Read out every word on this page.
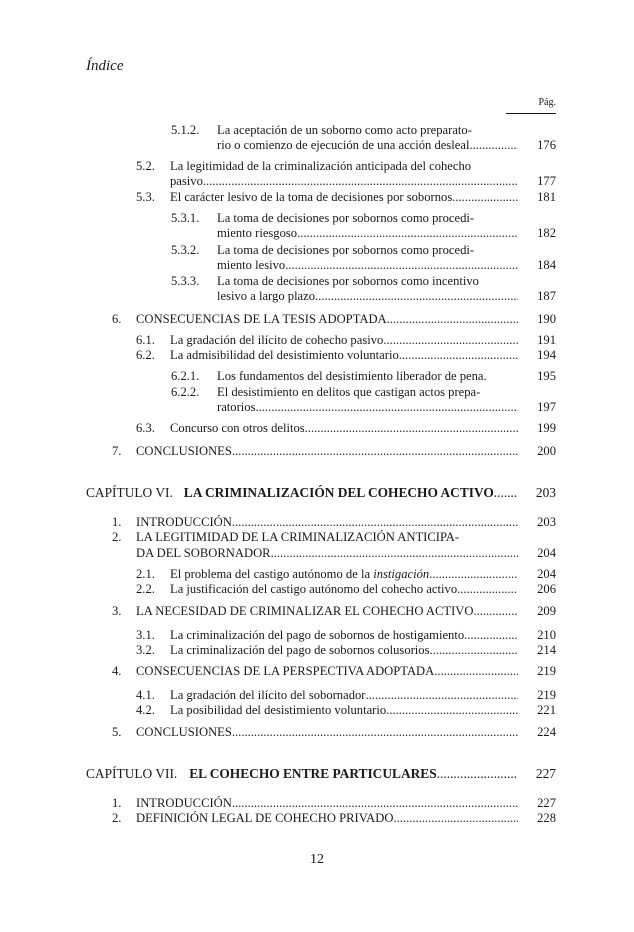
Índice
Pág.
5.1.2.	La aceptación de un soborno como acto preparato-
rio o comienzo de ejecución de una acción desleal .....	176
5.2.	La legitimidad de la criminalización anticipada del cohecho
pasivo .....	177
5.3.	El carácter lesivo de la toma de decisiones por sobornos .....	181
5.3.1.	La toma de decisiones por sobornos como procedi-
miento riesgoso .....	182
5.3.2.	La toma de decisiones por sobornos como procedi-
miento lesivo .....	184
5.3.3.	La toma de decisiones por sobornos como incentivo
lesivo a largo plazo .....	187
6.	CONSECUENCIAS DE LA TESIS ADOPTADA .....	190
6.1.	La gradación del ilícito de cohecho pasivo .....	191
6.2.	La admisibilidad del desistimiento voluntario .....	194
6.2.1.	Los fundamentos del desistimiento liberador de pena.	195
6.2.2.	El desistimiento en delitos que castigan actos prepa-
ratorios .....	197
6.3.	Concurso con otros delitos .....	199
7.	CONCLUSIONES .....	200
CAPÍTULO VI. LA CRIMINALIZACIÓN DEL COHECHO ACTIVO .....	203
1.	INTRODUCCIÓN .....	203
2.	LA LEGITIMIDAD DE LA CRIMINALIZACIÓN ANTICIPA-
DA DEL SOBORNADOR .....	204
2.1.	El problema del castigo autónomo de la instigación .....	204
2.2.	La justificación del castigo autónomo del cohecho activo .....	206
3.	LA NECESIDAD DE CRIMINALIZAR EL COHECHO ACTIVO .....	209
3.1.	La criminalización del pago de sobornos de hostigamiento .....	210
3.2.	La criminalización del pago de sobornos colusorios .....	214
4.	CONSECUENCIAS DE LA PERSPECTIVA ADOPTADA .....	219
4.1.	La gradación del ilícito del sobornador .....	219
4.2.	La posibilidad del desistimiento voluntario .....	221
5.	CONCLUSIONES .....	224
CAPÍTULO VII. EL COHECHO ENTRE PARTICULARES .....	227
1.	INTRODUCCIÓN .....	227
2.	DEFINICIÓN LEGAL DE COHECHO PRIVADO .....	228
12
